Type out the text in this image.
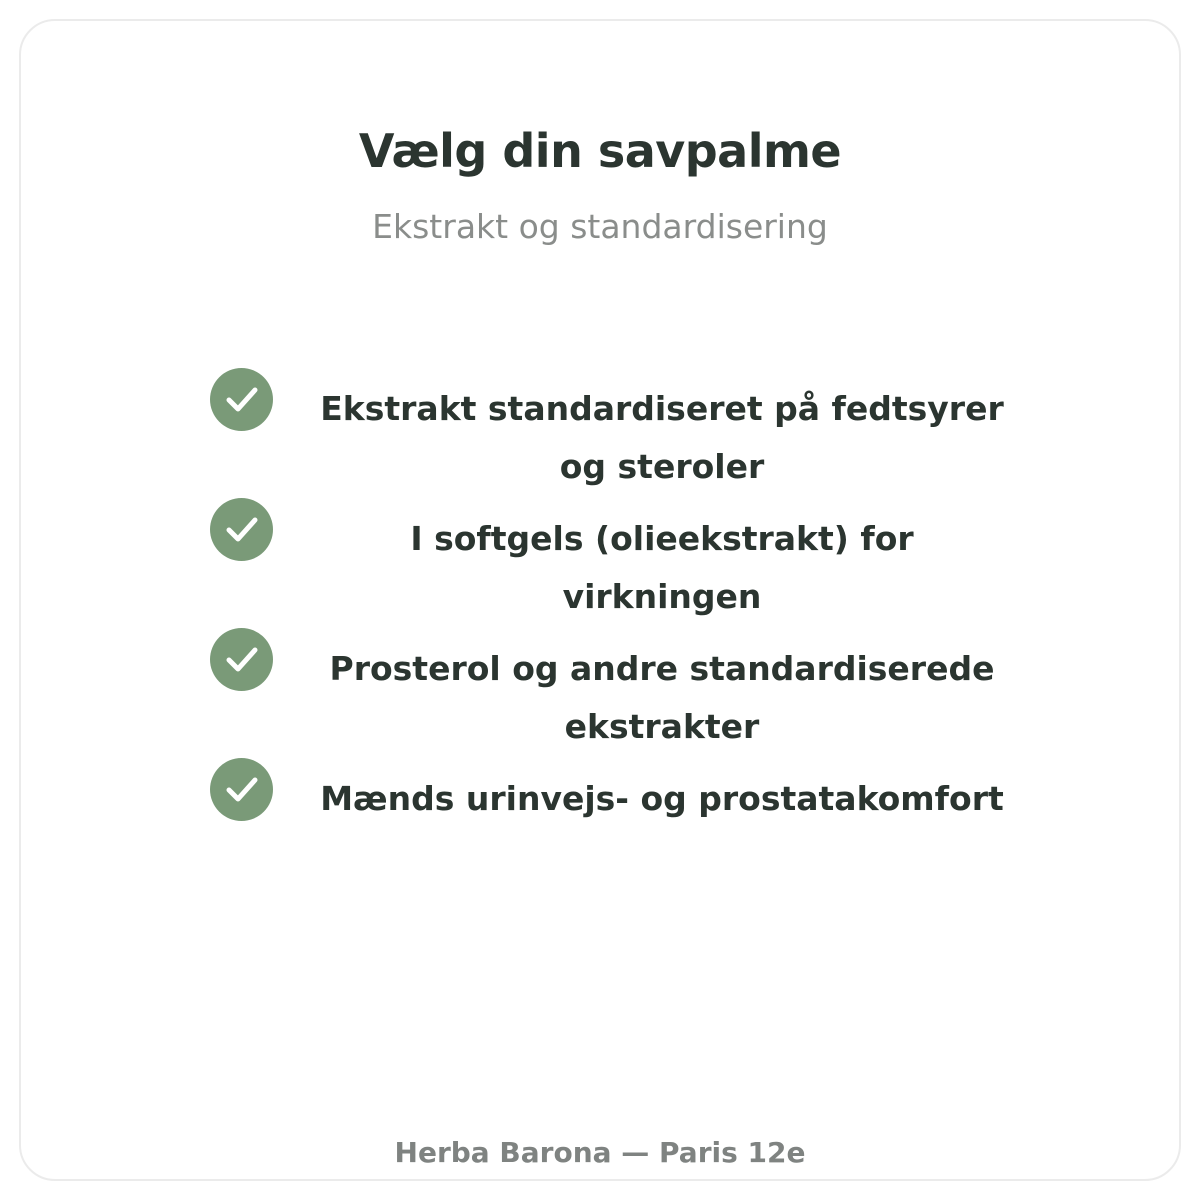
Vælg din savpalme
Ekstrakt og standardisering
Ekstrakt standardiseret på fedtsyrer og steroler
I softgels (olieekstrakt) for virkningen
Prosterol og andre standardiserede ekstrakter
Mænds urinvejs- og prostatakomfort
Herba Barona — Paris 12e
